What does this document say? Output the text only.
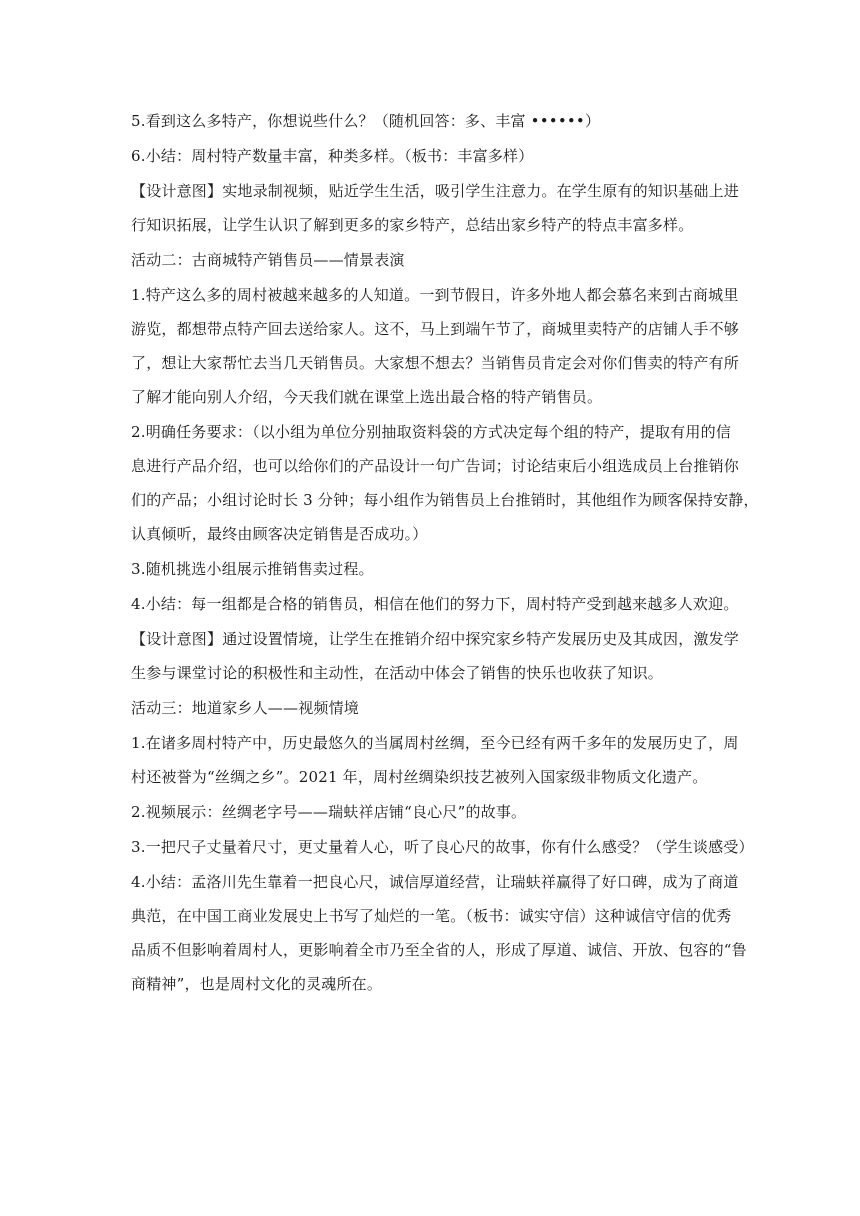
5.看到这么多特产，你想说些什么？（随机回答：多、丰富 ••••••）
6.小结：周村特产数量丰富，种类多样。（板书：丰富多样）
【设计意图】实地录制视频，贴近学生生活，吸引学生注意力。在学生原有的知识基础上进
行知识拓展，让学生认识了解到更多的家乡特产，总结出家乡特产的特点丰富多样。
活动二：古商城特产销售员——情景表演
1.特产这么多的周村被越来越多的人知道。一到节假日，许多外地人都会慕名来到古商城里
游览，都想带点特产回去送给家人。这不，马上到端午节了，商城里卖特产的店铺人手不够
了，想让大家帮忙去当几天销售员。大家想不想去？当销售员肯定会对你们售卖的特产有所
了解才能向别人介绍，今天我们就在课堂上选出最合格的特产销售员。
2.明确任务要求：（以小组为单位分别抽取资料袋的方式决定每个组的特产，提取有用的信
息进行产品介绍，也可以给你们的产品设计一句广告词；讨论结束后小组选成员上台推销你
们的产品；小组讨论时长 3 分钟；每小组作为销售员上台推销时，其他组作为顾客保持安静，
认真倾听，最终由顾客决定销售是否成功。）
3.随机挑选小组展示推销售卖过程。
4.小结：每一组都是合格的销售员，相信在他们的努力下，周村特产受到越来越多人欢迎。
【设计意图】通过设置情境，让学生在推销介绍中探究家乡特产发展历史及其成因，激发学
生参与课堂讨论的积极性和主动性，在活动中体会了销售的快乐也收获了知识。
活动三：地道家乡人——视频情境
1.在诸多周村特产中，历史最悠久的当属周村丝绸，至今已经有两千多年的发展历史了，周
村还被誉为“丝绸之乡”。2021 年，周村丝绸染织技艺被列入国家级非物质文化遗产。
2.视频展示：丝绸老字号——瑞蚨祥店铺“良心尺”的故事。
3.一把尺子丈量着尺寸，更丈量着人心，听了良心尺的故事，你有什么感受？（学生谈感受）
4.小结：孟洛川先生靠着一把良心尺，诚信厚道经营，让瑞蚨祥赢得了好口碑，成为了商道
典范，在中国工商业发展史上书写了灿烂的一笔。（板书：诚实守信）这种诚信守信的优秀
品质不但影响着周村人，更影响着全市乃至全省的人，形成了厚道、诚信、开放、包容的“鲁
商精神”，也是周村文化的灵魂所在。
